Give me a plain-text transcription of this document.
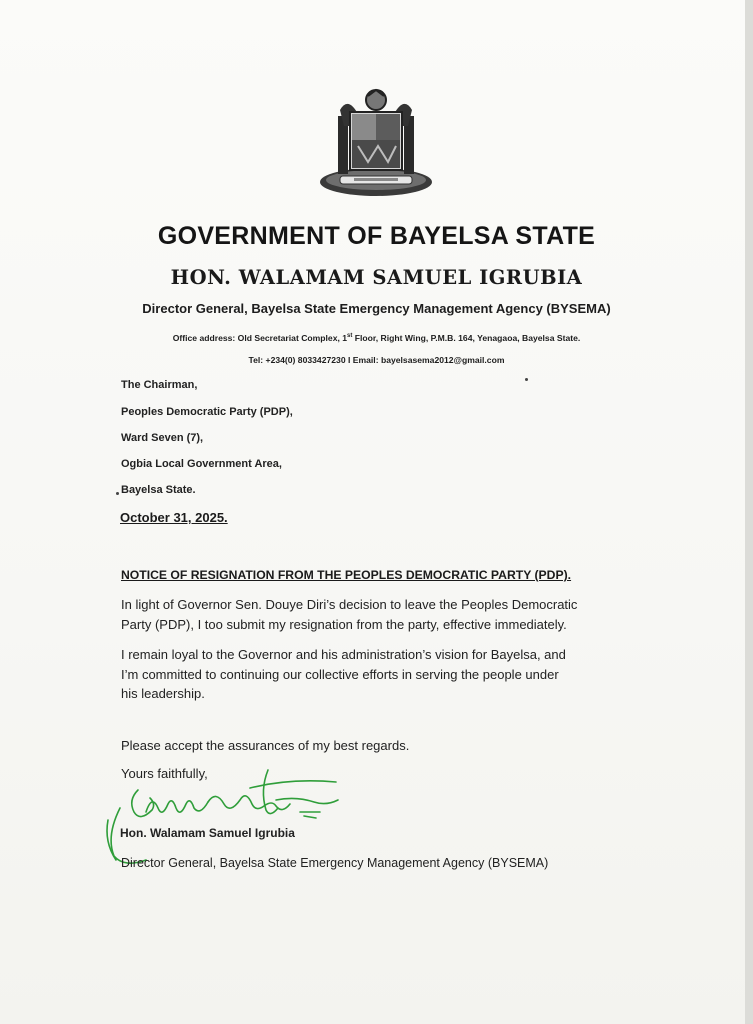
GOVERNMENT OF BAYELSA STATE
HON. WALAMAM SAMUEL IGRUBIA
Director General, Bayelsa State Emergency Management Agency (BYSEMA)
Office address: Old Secretariat Complex, 1st Floor, Right Wing, P.M.B. 164, Yenagaoa, Bayelsa State.
Tel: +234(0) 8033427230 I Email: bayelsasema2012@gmail.com
The Chairman,
Peoples Democratic Party (PDP),
Ward Seven (7),
Ogbia Local Government Area,
Bayelsa State.
October 31, 2025.
NOTICE OF RESIGNATION FROM THE PEOPLES DEMOCRATIC PARTY (PDP).
In light of Governor Sen. Douye Diri’s decision to leave the Peoples Democratic
Party (PDP), I too submit my resignation from the party, effective immediately.
I remain loyal to the Governor and his administration’s vision for Bayelsa, and
I’m committed to continuing our collective efforts in serving the people under
his leadership.
Please accept the assurances of my best regards.
Yours faithfully,
Hon. Walamam Samuel Igrubia
Director General, Bayelsa State Emergency Management Agency (BYSEMA)
